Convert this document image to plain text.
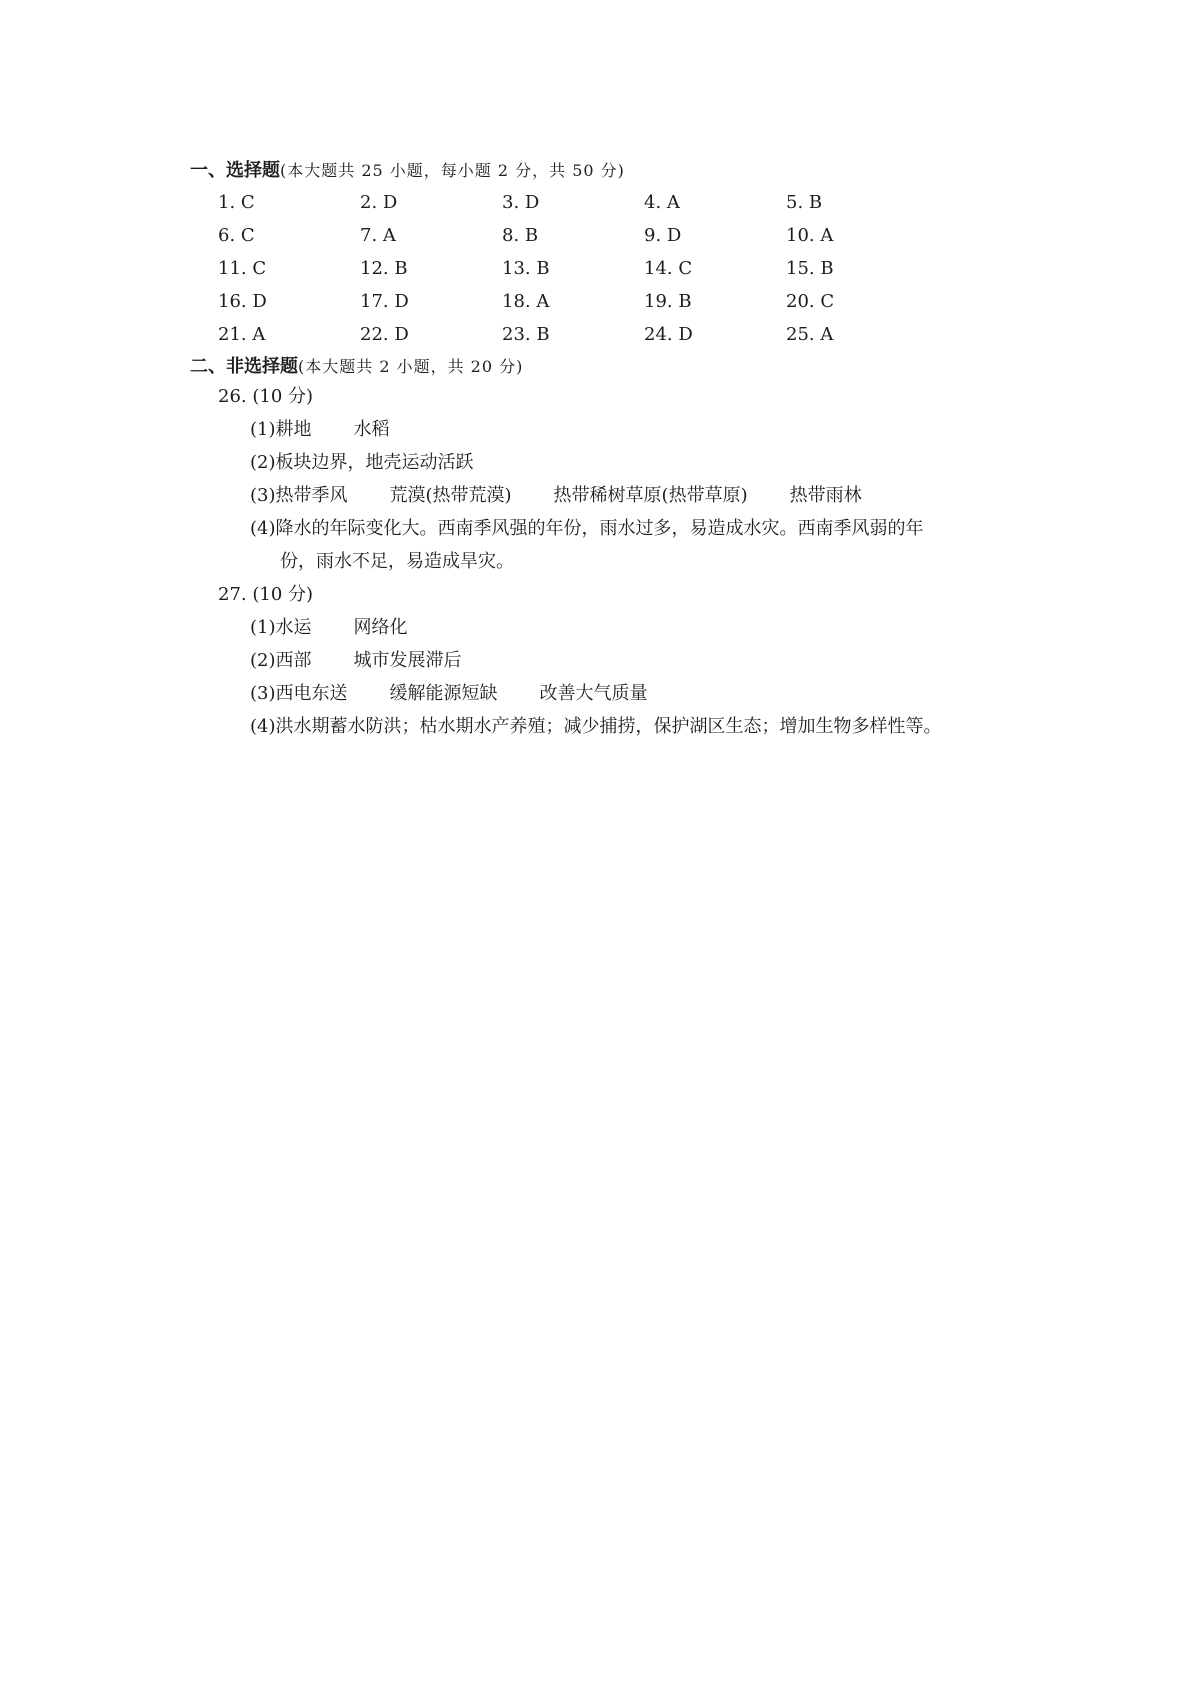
一、选择题(本大题共 25 小题，每小题 2 分，共 50 分)
1. C	2. D	3. D	4. A	5. B
6. C	7. A	8. B	9. D	10. A
11. C	12. B	13. B	14. C	15. B
16. D	17. D	18. A	19. B	20. C
21. A	22. D	23. B	24. D	25. A
二、非选择题(本大题共 2 小题，共 20 分)
26. (10 分)
(1)耕地 水稻
(2)板块边界，地壳运动活跃
(3)热带季风 荒漠(热带荒漠) 热带稀树草原(热带草原) 热带雨林
(4)降水的年际变化大。西南季风强的年份，雨水过多，易造成水灾。西南季风弱的年
份，雨水不足，易造成旱灾。
27. (10 分)
(1)水运 网络化
(2)西部 城市发展滞后
(3)西电东送 缓解能源短缺 改善大气质量
(4)洪水期蓄水防洪；枯水期水产养殖；减少捕捞，保护湖区生态；增加生物多样性等。
